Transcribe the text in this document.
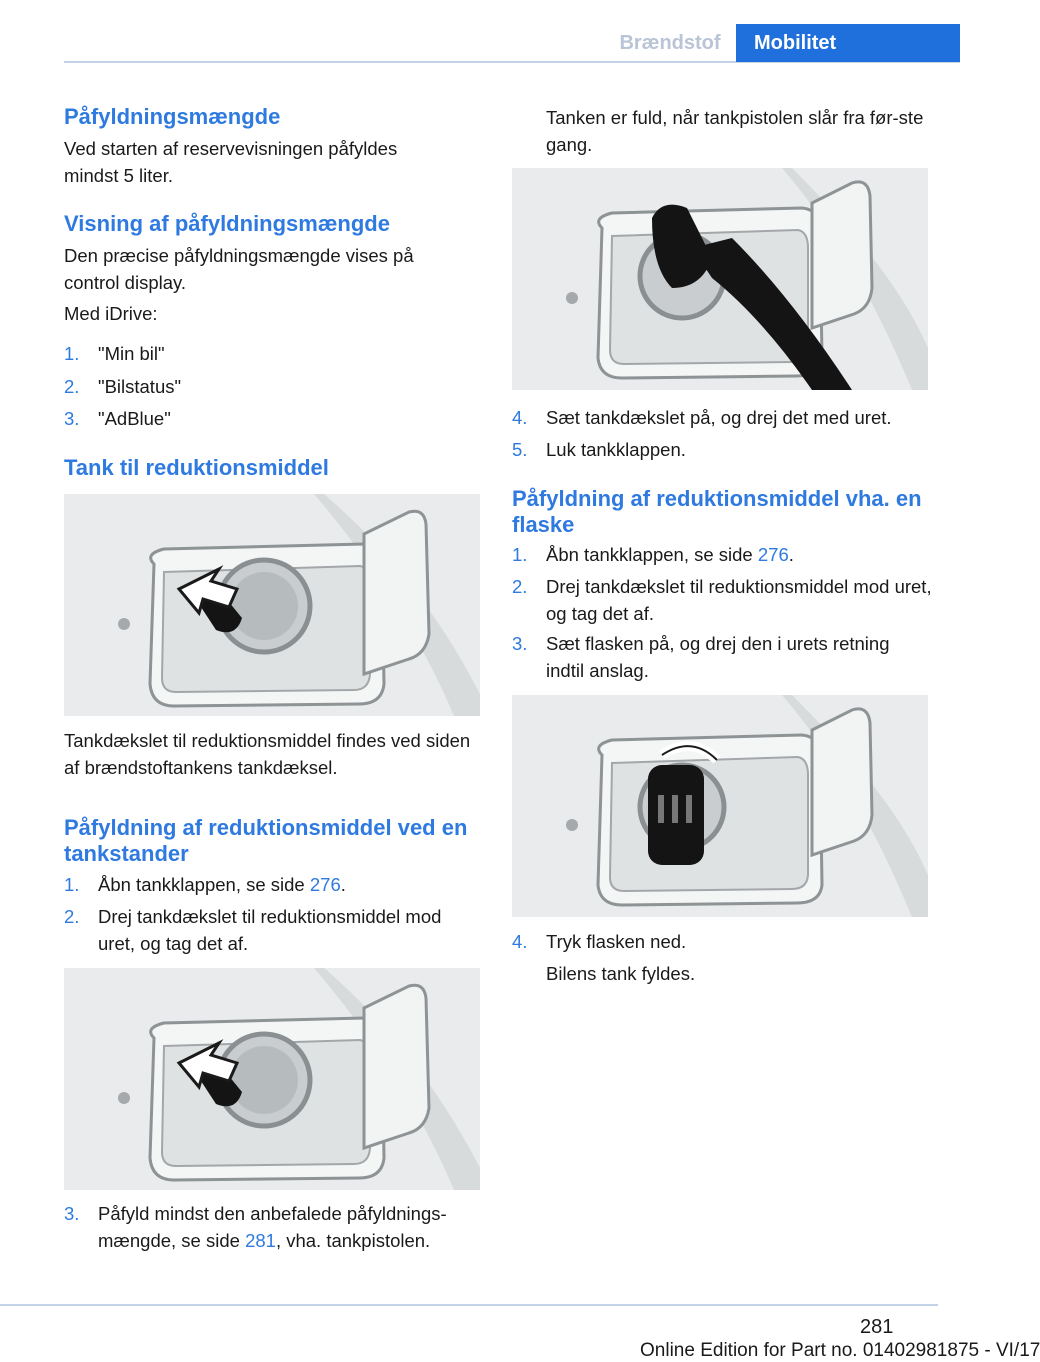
Brændstof	Mobilitet
Påfyldningsmængde

Ved starten af reservevisningen påfyldes mindst 5 liter.

Visning af påfyldningsmængde

Den præcise påfyldningsmængde vises på control display.

Med iDrive:

1. "Min bil"
2. "Bilstatus"
3. "AdBlue"
Tank til reduktionsmiddel

Tankdækslet til reduktionsmiddel findes ved siden af brændstoftankens tankdæksel.

Påfyldning af reduktionsmiddel ved en tankstander
1. Åbn tankklappen, se side 276.
2. Drej tankdækslet til reduktionsmiddel mod uret, og tag det af.
3. Påfyld mindst den anbefalede påfyldnings-mængde, se side 281, vha. tankpistolen.

Tanken er fuld, når tankpistolen slår fra før-ste gang.

4. Sæt tankdækslet på, og drej det med uret.
5. Luk tankklappen.
Påfyldning af reduktionsmiddel vha. en flaske
1. Åbn tankklappen, se side 276.
2. Drej tankdækslet til reduktionsmiddel mod uret, og tag det af.
3. Sæt flasken på, og drej den i urets retning indtil anslag.
4. Tryk flasken ned.

Bilens tank fyldes.

281
Online Edition for Part no. 01402981875 - VI/17
